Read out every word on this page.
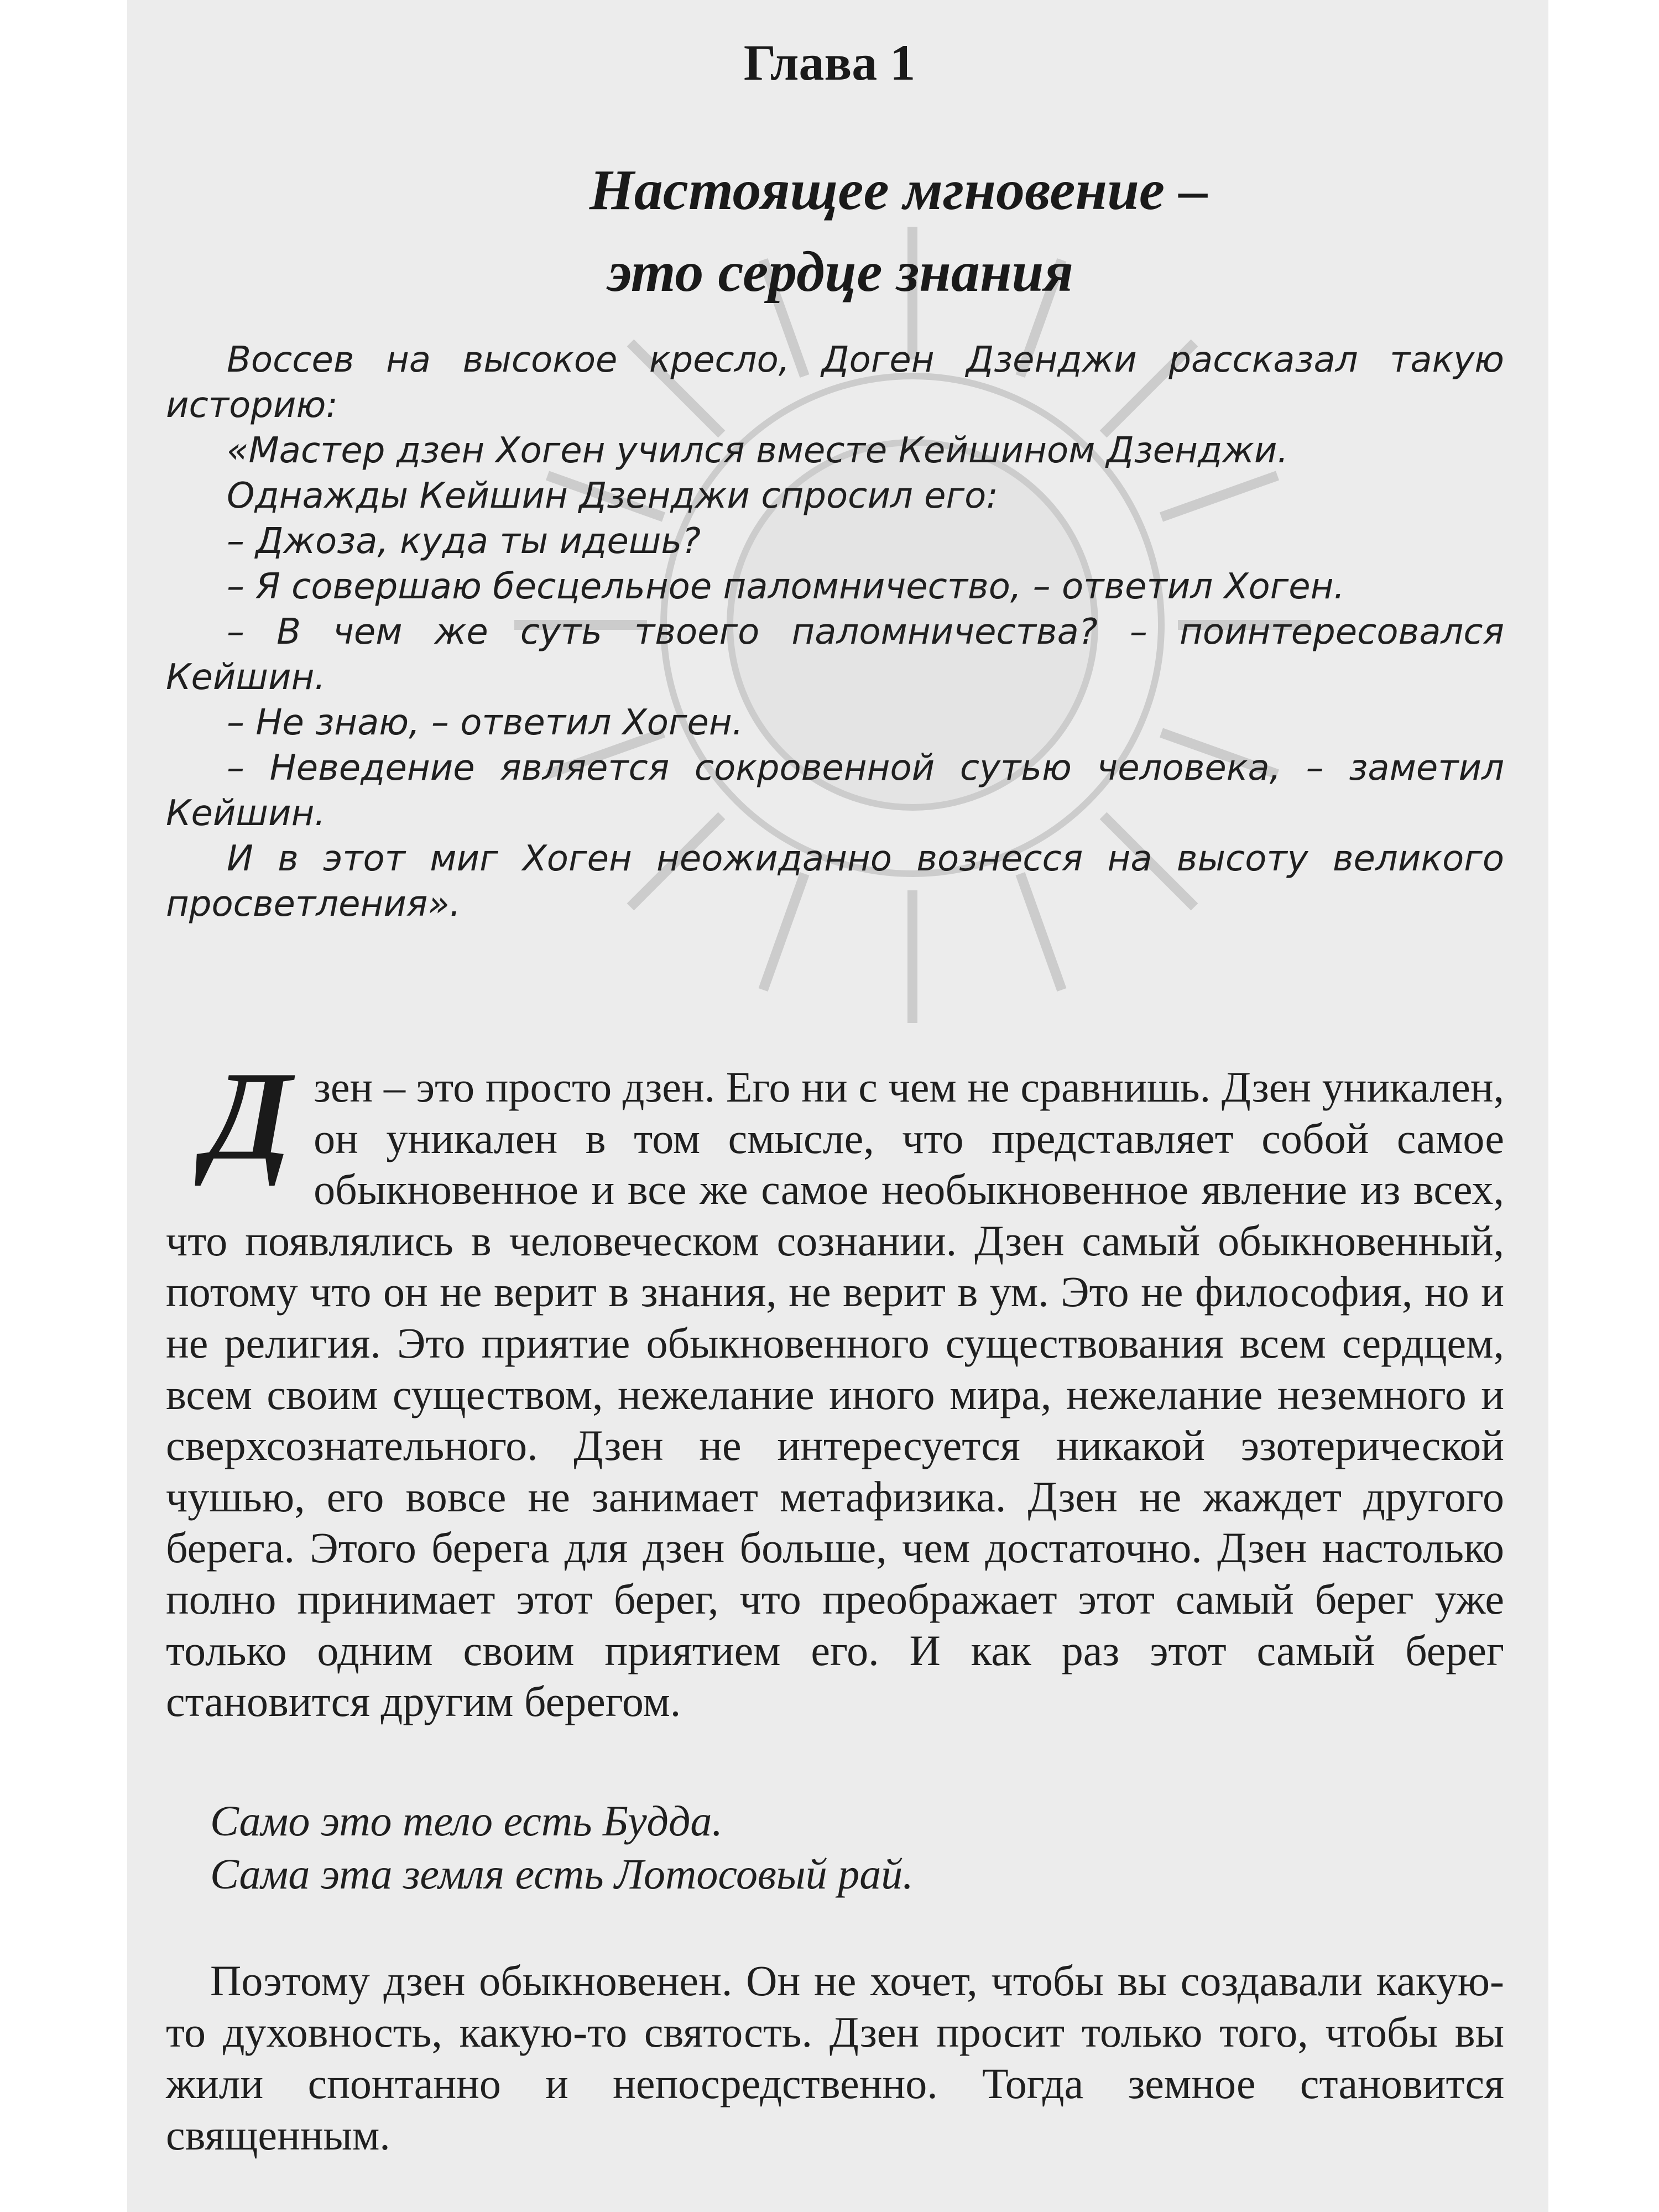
Глава 1
Настоящее мгновение –
это сердце знания

Воссев на высокое кресло, Доген Дзенджи рассказал такую историю:

«Мастер дзен Хоген учился вместе Кейшином Дзенджи.

Однажды Кейшин Дзенджи спросил его:

– Джоза, куда ты идешь?

– Я совершаю бесцельное паломничество, – ответил Хоген.

– В чем же суть твоего паломничества? – поинтересовался Кейшин.

– Не знаю, – ответил Хоген.

– Неведение является сокровенной сутью человека, – заметил Кейшин.

И в этот миг Хоген неожиданно вознесся на высоту великого просветления».

Дзен – это просто дзен. Его ни с чем не сравнишь. Дзен уникален, он уникален в том смысле, что представляет собой самое обыкновенное и все же самое необыкновенное явление из всех, что появлялись в человеческом сознании. Дзен самый обыкновенный, потому что он не верит в знания, не верит в ум. Это не философия, но и не религия. Это приятие обыкновенного существования всем сердцем, всем своим существом, нежелание иного мира, нежелание неземного и сверхсознательного. Дзен не интересуется никакой эзотерической чушью, его вовсе не занимает метафизика. Дзен не жаждет другого берега. Этого берега для дзен больше, чем достаточно. Дзен настолько полно принимает этот берег, что преображает этот самый берег уже только одним своим приятием его. И как раз этот самый берег становится другим берегом.

Само это тело есть Будда.
Сама эта земля есть Лотосовый рай.

Поэтому дзен обыкновенен. Он не хочет, чтобы вы создавали какую-то духовность, какую-то святость. Дзен просит только того, чтобы вы жили спонтанно и непосредственно. Тогда земное становится священным.
